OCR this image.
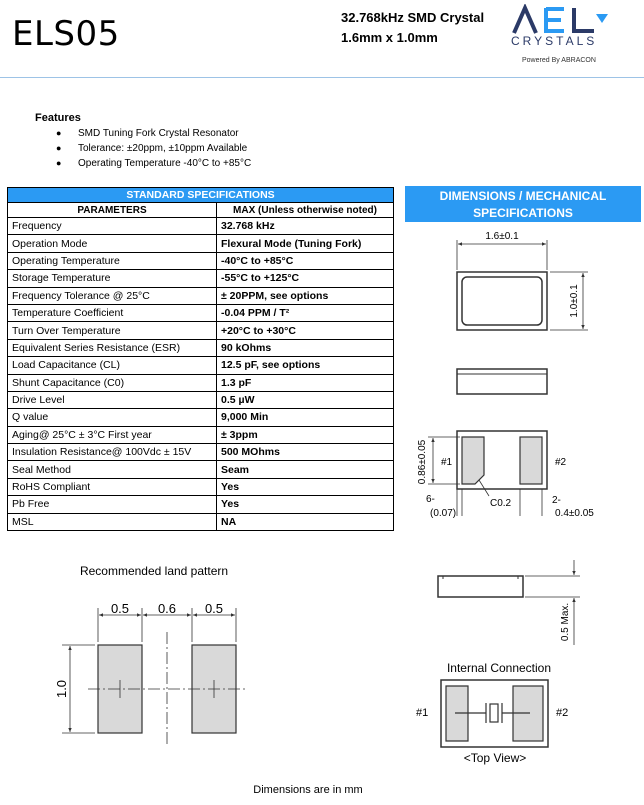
ELS05	32.768kHz SMD Crystal
1.6mm x 1.0mm	CRYSTALS
Powered By ABRACON
Features
● SMD Tuning Fork Crystal Resonator
● Tolerance: ±20ppm, ±10ppm Available
● Operating Temperature -40°C to +85°C
STANDARD SPECIFICATIONS	
PARAMETERS	MAX (Unless otherwise noted)
Frequency	32.768 kHz
Operation Mode	Flexural Mode (Tuning Fork)
Operating Temperature	-40°C to +85°C
Storage Temperature	-55°C to +125°C
Frequency Tolerance @ 25°C	± 20PPM, see options
Temperature Coefficient	-0.04 PPM / T²
Turn Over Temperature	+20°C to +30°C
Equivalent Series Resistance (ESR)	90 kOhms
Load Capacitance (CL)	12.5 pF, see options
Shunt Capacitance (C0)	1.3 pF
Drive Level	0.5 µW
Q value	9,000 Min
Aging@ 25°C ± 3°C First year	± 3ppm
Insulation Resistance@ 100Vdc ± 15V	500 MOhms
Seal Method	Seam
RoHS Compliant	Yes
Pb Free	Yes
MSL	NA
DIMENSIONS / MECHANICAL
SPECIFICATIONS
1.6±0.1
1.0±0.1
0.86±0.05 #1	#2
6-
(0.07)
C0.2	2-
0.4±0.05
0.5 Max.
Internal Connection
#1	#2
<Top View>
Recommended land pattern
0.5 0.6 0.5
1.0
Dimensions are in mm
